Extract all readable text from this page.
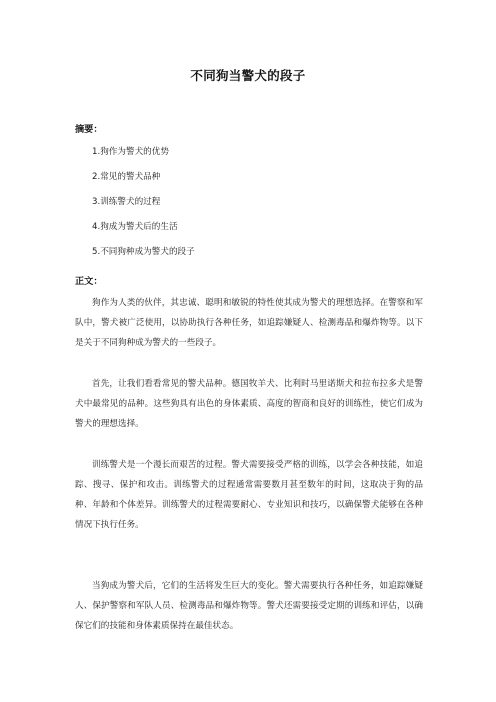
不同狗当警犬的段子
摘要：
1.狗作为警犬的优势
2.常见的警犬品种
3.训练警犬的过程
4.狗成为警犬后的生活
5.不同狗种成为警犬的段子
正文：

狗作为人类的伙伴，其忠诚、聪明和敏锐的特性使其成为警犬的理想选择。在警察和军队中，警犬被广泛使用，以协助执行各种任务，如追踪嫌疑人、检测毒品和爆炸物等。以下是关于不同狗种成为警犬的一些段子。

首先，让我们看看常见的警犬品种。德国牧羊犬、比利时马里诺斯犬和拉布拉多犬是警犬中最常见的品种。这些狗具有出色的身体素质、高度的智商和良好的训练性，使它们成为警犬的理想选择。

训练警犬是一个漫长而艰苦的过程。警犬需要接受严格的训练，以学会各种技能，如追踪、搜寻、保护和攻击。训练警犬的过程通常需要数月甚至数年的时间，这取决于狗的品种、年龄和个体差异。训练警犬的过程需要耐心、专业知识和技巧，以确保警犬能够在各种情况下执行任务。

当狗成为警犬后，它们的生活将发生巨大的变化。警犬需要执行各种任务，如追踪嫌疑人、保护警察和军队人员、检测毒品和爆炸物等。警犬还需要接受定期的训练和评估，以确保它们的技能和身体素质保持在最佳状态。
